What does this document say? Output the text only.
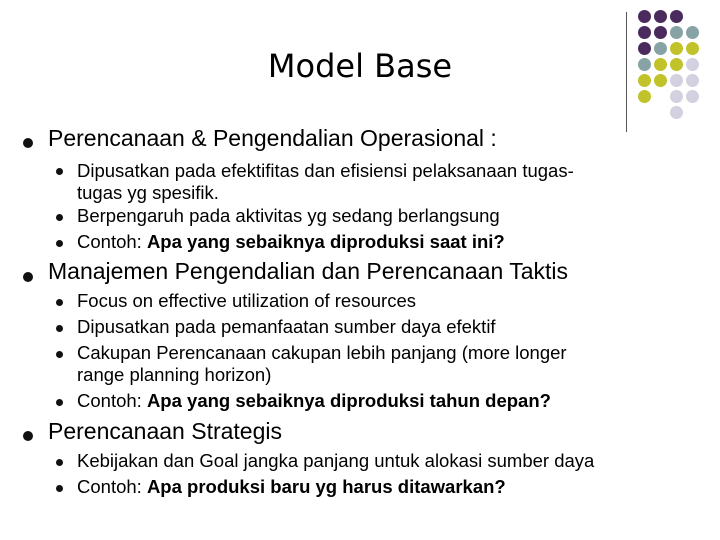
Model Base
Perencanaan & Pengendalian Operasional :
Dipusatkan pada efektifitas dan efisiensi pelaksanaan tugas-
tugas yg spesifik.
Berpengaruh pada aktivitas yg sedang berlangsung
Contoh: Apa yang sebaiknya diproduksi saat ini?
Manajemen Pengendalian dan Perencanaan Taktis
Focus on effective utilization of resources
Dipusatkan pada pemanfaatan sumber daya efektif
Cakupan Perencanaan cakupan lebih panjang (more longer
range planning horizon)
Contoh: Apa yang sebaiknya diproduksi tahun depan?
Perencanaan Strategis
Kebijakan dan Goal jangka panjang untuk alokasi sumber daya
Contoh: Apa produksi baru yg harus ditawarkan?
